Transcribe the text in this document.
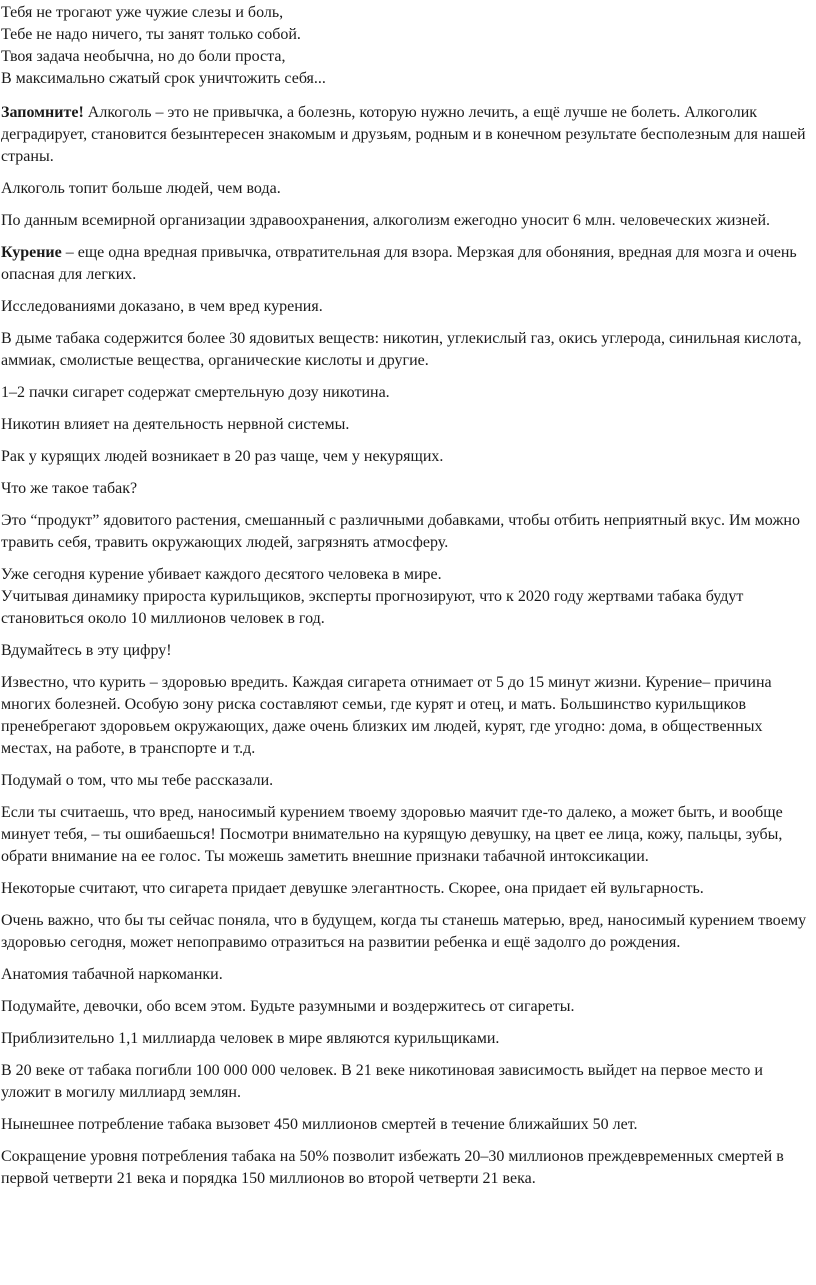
Тебя не трогают уже чужие слезы и боль,
Тебе не надо ничего, ты занят только собой.
Твоя задача необычна, но до боли проста,
В максимально сжатый срок уничтожить себя...

Запомните! Алкоголь – это не привычка, а болезнь, которую нужно лечить, а ещё лучше не болеть. Алкоголик деградирует, становится безынтересен знакомым и друзьям, родным и в конечном результате бесполезным для нашей страны.

Алкоголь топит больше людей, чем вода.

По данным всемирной организации здравоохранения, алкоголизм ежегодно уносит 6 млн. человеческих жизней.

Курение – еще одна вредная привычка, отвратительная для взора. Мерзкая для обоняния, вредная для мозга и очень опасная для легких.

Исследованиями доказано, в чем вред курения.

В дыме табака содержится более 30 ядовитых веществ: никотин, углекислый газ, окись углерода, синильная кислота, аммиак, смолистые вещества, органические кислоты и другие.

1–2 пачки сигарет содержат смертельную дозу никотина.

Никотин влияет на деятельность нервной системы.

Рак у курящих людей возникает в 20 раз чаще, чем у некурящих.

Что же такое табак?

Это “продукт” ядовитого растения, смешанный с различными добавками, чтобы отбить неприятный вкус. Им можно травить себя, травить окружающих людей, загрязнять атмосферу.

Уже сегодня курение убивает каждого десятого человека в мире.

Учитывая динамику прироста курильщиков, эксперты прогнозируют, что к 2020 году жертвами табака будут становиться около 10 миллионов человек в год.

Вдумайтесь в эту цифру!

Известно, что курить – здоровью вредить. Каждая сигарета отнимает от 5 до 15 минут жизни. Курение– причина многих болезней. Особую зону риска составляют семьи, где курят и отец, и мать. Большинство курильщиков пренебрегают здоровьем окружающих, даже очень близких им людей, курят, где угодно: дома, в общественных местах, на работе, в транспорте и т.д.

Подумай о том, что мы тебе рассказали.

Если ты считаешь, что вред, наносимый курением твоему здоровью маячит где-то далеко, а может быть, и вообще минует тебя, – ты ошибаешься! Посмотри внимательно на курящую девушку, на цвет ее лица, кожу, пальцы, зубы, обрати внимание на ее голос. Ты можешь заметить внешние признаки табачной интоксикации.

Некоторые считают, что сигарета придает девушке элегантность. Скорее, она придает ей вульгарность.

Очень важно, что бы ты сейчас поняла, что в будущем, когда ты станешь матерью, вред, наносимый курением твоему здоровью сегодня, может непоправимо отразиться на развитии ребенка и ещё задолго до рождения.

Анатомия табачной наркоманки.

Подумайте, девочки, обо всем этом. Будьте разумными и воздержитесь от сигареты.

Приблизительно 1,1 миллиарда человек в мире являются курильщиками.

В 20 веке от табака погибли 100 000 000 человек. В 21 веке никотиновая зависимость выйдет на первое место и уложит в могилу миллиард землян.

Нынешнее потребление табака вызовет 450 миллионов смертей в течение ближайших 50 лет.

Сокращение уровня потребления табака на 50% позволит избежать 20–30 миллионов преждевременных смертей в первой четверти 21 века и порядка 150 миллионов во второй четверти 21 века.
